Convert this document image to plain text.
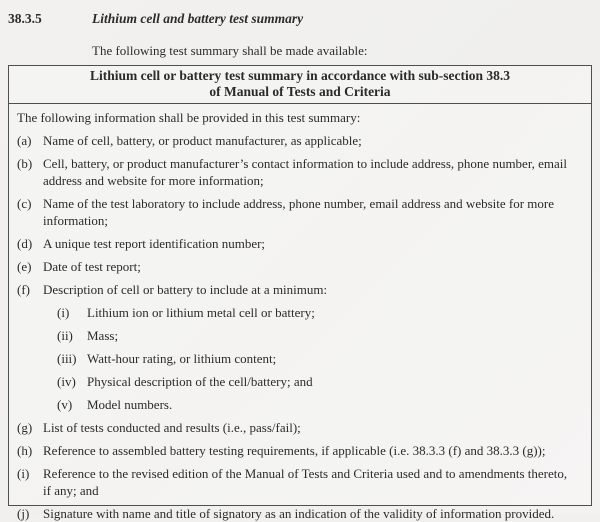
38.3.5	Lithium cell and battery test summary
The following test summary shall be made available:
Lithium cell or battery test summary in accordance with sub-section 38.3
of Manual of Tests and Criteria
The following information shall be provided in this test summary:
(a) Name of cell, battery, or product manufacturer, as applicable;
(b) Cell, battery, or product manufacturer’s contact information to include address, phone number, email address and website for more information;
(c) Name of the test laboratory to include address, phone number, email address and website for more information;
(d) A unique test report identification number;
(e) Date of test report;
(f)	Description of cell or battery to include at a minimum:
(i)	Lithium ion or lithium metal cell or battery;
(ii)	Mass;
(iii) Watt-hour rating, or lithium content;
(iv) Physical description of the cell/battery; and
(v)	Model numbers.
(g) List of tests conducted and results (i.e., pass/fail);
(h) Reference to assembled battery testing requirements, if applicable (i.e. 38.3.3 (f) and 38.3.3 (g));
(i)	Reference to the revised edition of the Manual of Tests and Criteria used and to amendments thereto, if any; and
(j)	Signature with name and title of signatory as an indication of the validity of information provided.
